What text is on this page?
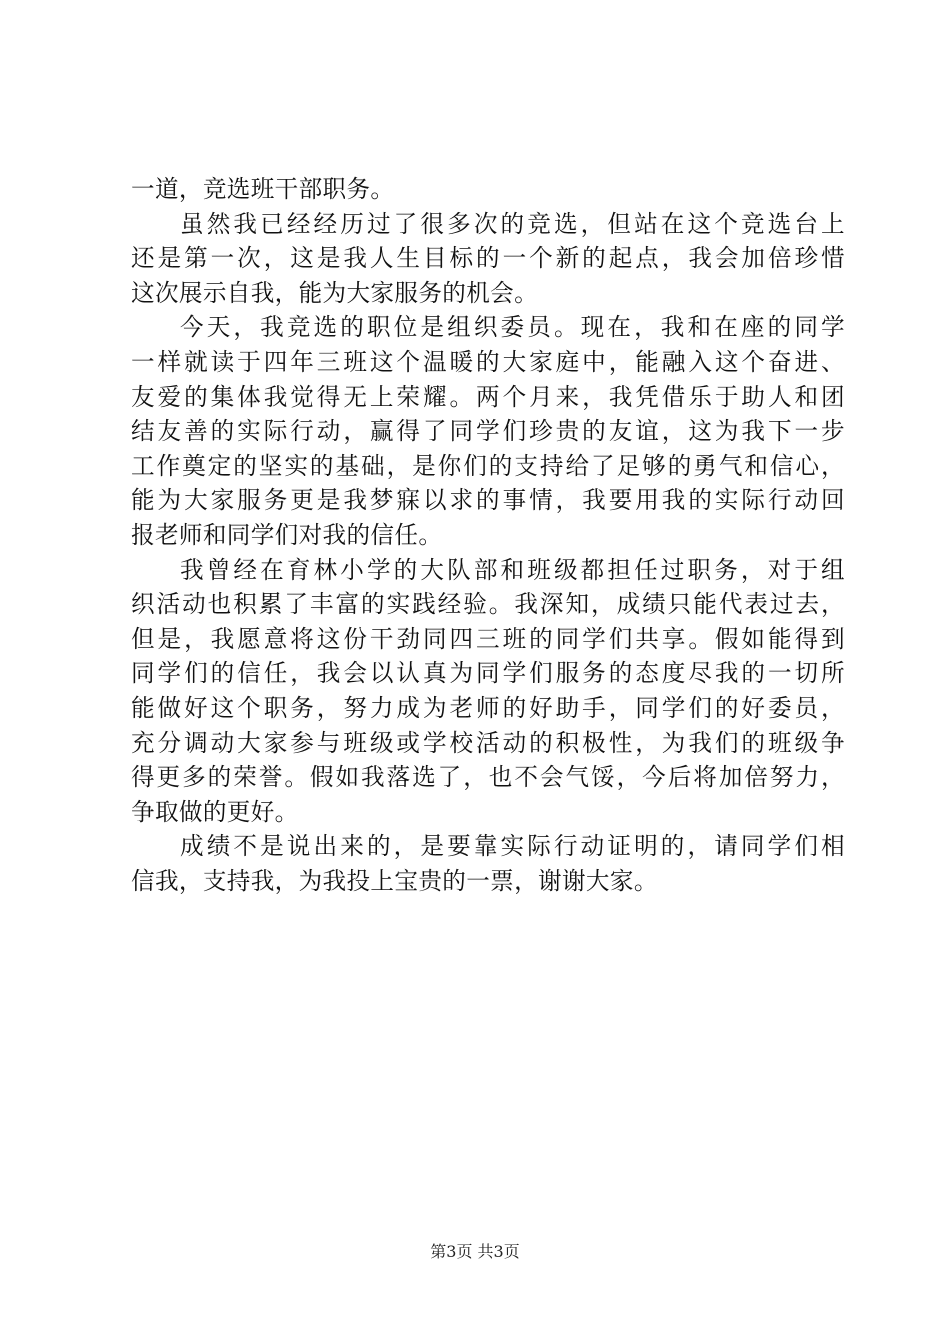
一道，竞选班干部职务。
虽然我已经经历过了很多次的竞选，但站在这个竞选台上
还是第一次，这是我人生目标的一个新的起点，我会加倍珍惜
这次展示自我，能为大家服务的机会。
今天，我竞选的职位是组织委员。现在，我和在座的同学
一样就读于四年三班这个温暖的大家庭中，能融入这个奋进、
友爱的集体我觉得无上荣耀。两个月来，我凭借乐于助人和团
结友善的实际行动，赢得了同学们珍贵的友谊，这为我下一步
工作奠定的坚实的基础，是你们的支持给了足够的勇气和信心，
能为大家服务更是我梦寐以求的事情，我要用我的实际行动回
报老师和同学们对我的信任。
我曾经在育林小学的大队部和班级都担任过职务，对于组
织活动也积累了丰富的实践经验。我深知，成绩只能代表过去，
但是，我愿意将这份干劲同四三班的同学们共享。假如能得到
同学们的信任，我会以认真为同学们服务的态度尽我的一切所
能做好这个职务，努力成为老师的好助手，同学们的好委员，
充分调动大家参与班级或学校活动的积极性，为我们的班级争
得更多的荣誉。假如我落选了，也不会气馁，今后将加倍努力，
争取做的更好。
成绩不是说出来的，是要靠实际行动证明的，请同学们相
信我，支持我，为我投上宝贵的一票，谢谢大家。
第3页 共3页
